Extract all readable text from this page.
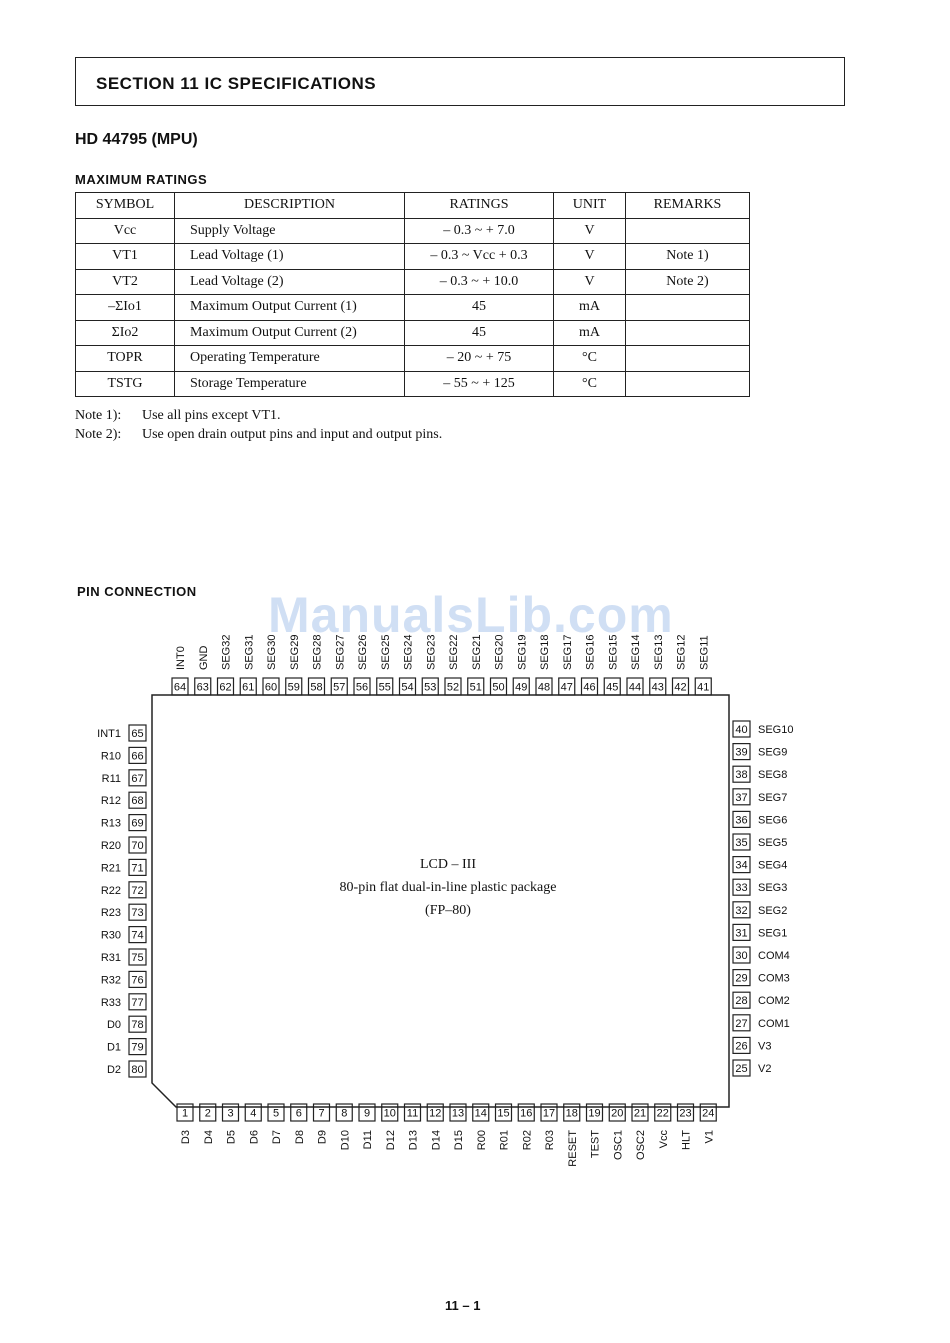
SECTION 11 IC SPECIFICATIONS
HD 44795 (MPU)
MAXIMUM RATINGS
SYMBOL	DESCRIPTION	RATINGS	UNIT	REMARKS
Vcc	Supply Voltage	– 0.3 ~ + 7.0	V	
VT1	Lead Voltage (1)	– 0.3 ~ Vcc + 0.3	V	Note 1)
VT2	Lead Voltage (2)	– 0.3 ~ + 10.0	V	Note 2)
–ΣIo1	Maximum Output Current (1)	45	mA	
ΣIo2	Maximum Output Current (2)	45	mA	
TOPR	Operating Temperature	– 20 ~ + 75	°C	
TSTG	Storage Temperature	– 55 ~ + 125	°C	
Note 1): Use all pins except VT1.
Note 2): Use open drain output pins and input and output pins.
PIN CONNECTION
64
INT0
63
GND
62
SEG32
61
SEG31
60
SEG30
59
SEG29
58
SEG28
57
SEG27
56
SEG26
55
SEG25
54
SEG24
53
SEG23
52
SEG22
51
SEG21
50
SEG20
49
SEG19
48
SEG18
47
SEG17
46
SEG16
45
SEG15
44
SEG14
43
SEG13
42
SEG12
41
SEG11
1
D3
2
D4
3
D5
4
D6
5
D7
6
D8
7
D9
8
D10
9
D11
10
D12
11
D13
12
D14
13
D15
14
R00
15
R01
16
R02
17
R03
18
RESET
19
TEST
20
OSC1
21
OSC2
22
Vcc
23
HLT
24
V1
65
INT1
66
R10
67
R11
68
R12
69
R13
70
R20
71
R21
72
R22
73
R23
74
R30
75
R31
76
R32
77
R33
78
D0
79
D1
80
D2
40 SEG10
39 SEG9
38 SEG8
37 SEG7
36 SEG6
35 SEG5
34 SEG4
33 SEG3
32 SEG2
31 SEG1
30 COM4
29 COM3
28 COM2
27 COM1
26 V3
25 V2
LCD – III
80-pin flat dual-in-line plastic package
(FP–80)
ManualsLib.com
11 – 1
